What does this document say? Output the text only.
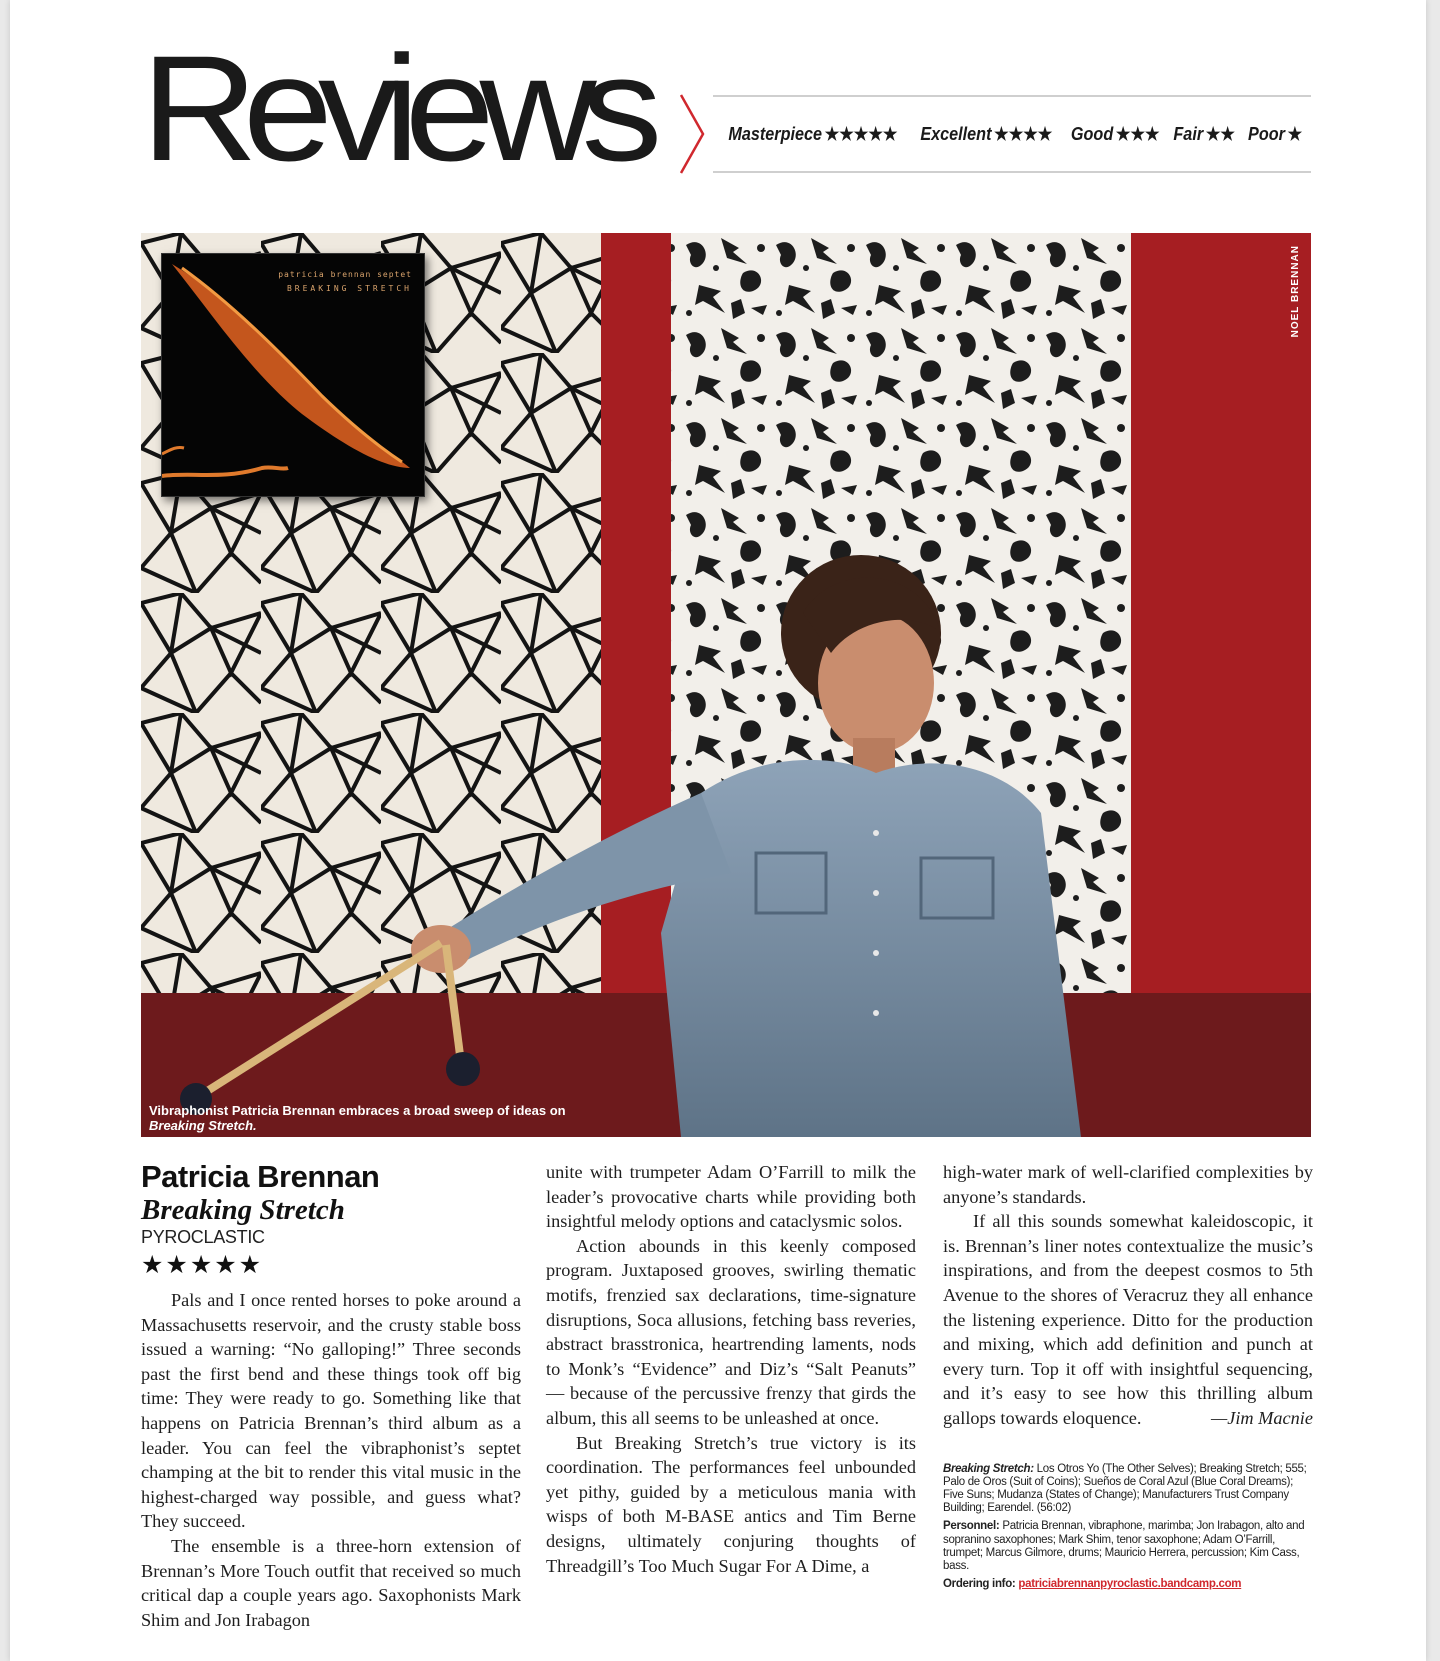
Reviews	Masterpiece ★★★★★ Excellent ★★★★ Good ★★★ Fair ★★ Poor ★
NOEL BRENNAN
patricia brennan septet
BREAKING STRETCH
Vibraphonist Patricia Brennan embraces a broad sweep of ideas on Breaking Stretch.
Patricia Brennan
Breaking Stretch
PYROCLASTIC
★★★★★

Pals and I once rented horses to poke around a Massachusetts reservoir, and the crusty stable boss issued a warning: “No galloping!” Three seconds past the first bend and these things took off big time: They were ready to go. Something like that happens on Patricia Brennan’s third album as a leader. You can feel the vibraphonist’s septet champing at the bit to render this vital music in the highest-charged way possible, and guess what? They succeed.

The ensemble is a three-horn extension of Brennan’s More Touch outfit that received so much critical dap a couple years ago. Saxophonists Mark Shim and Jon Irabagon

unite with trumpeter Adam O’Farrill to milk the leader’s provocative charts while providing both insightful melody options and cataclysmic solos.

Action abounds in this keenly composed program. Juxtaposed grooves, swirling thematic motifs, frenzied sax declarations, time-signature disruptions, Soca allusions, fetching bass reveries, abstract brasstronica, heartrending laments, nods to Monk’s “Evidence” and Diz’s “Salt Peanuts” — because of the percussive frenzy that girds the album, this all seems to be unleashed at once.

But Breaking Stretch’s true victory is its coordination. The performances feel unbounded yet pithy, guided by a meticulous mania with wisps of both M-BASE antics and Tim Berne designs, ultimately conjuring thoughts of Threadgill’s Too Much Sugar For A Dime, a

high-water mark of well-clarified complexities by anyone’s standards.

If all this sounds somewhat kaleidoscopic, it is. Brennan’s liner notes contextualize the music’s inspirations, and from the deepest cosmos to 5th Avenue to the shores of Veracruz they all enhance the listening experience. Ditto for the production and mixing, which add definition and punch at every turn. Top it off with insightful sequencing, and it’s easy to see how this thrilling album gallops towards eloquence.	—Jim Macnie

Breaking Stretch: Los Otros Yo (The Other Selves); Breaking Stretch; 555; Palo de Oros (Suit of Coins); Sueños de Coral Azul (Blue Coral Dreams); Five Suns; Mudanza (States of Change); Manufacturers Trust Company Building; Earendel. (56:02)

Personnel: Patricia Brennan, vibraphone, marimba; Jon Irabagon, alto and sopranino saxophones; Mark Shim, tenor saxophone; Adam O’Farrill, trumpet; Marcus Gilmore, drums; Mauricio Herrera, percussion; Kim Cass, bass.

Ordering info: patriciabrennanpyroclastic.bandcamp.com
